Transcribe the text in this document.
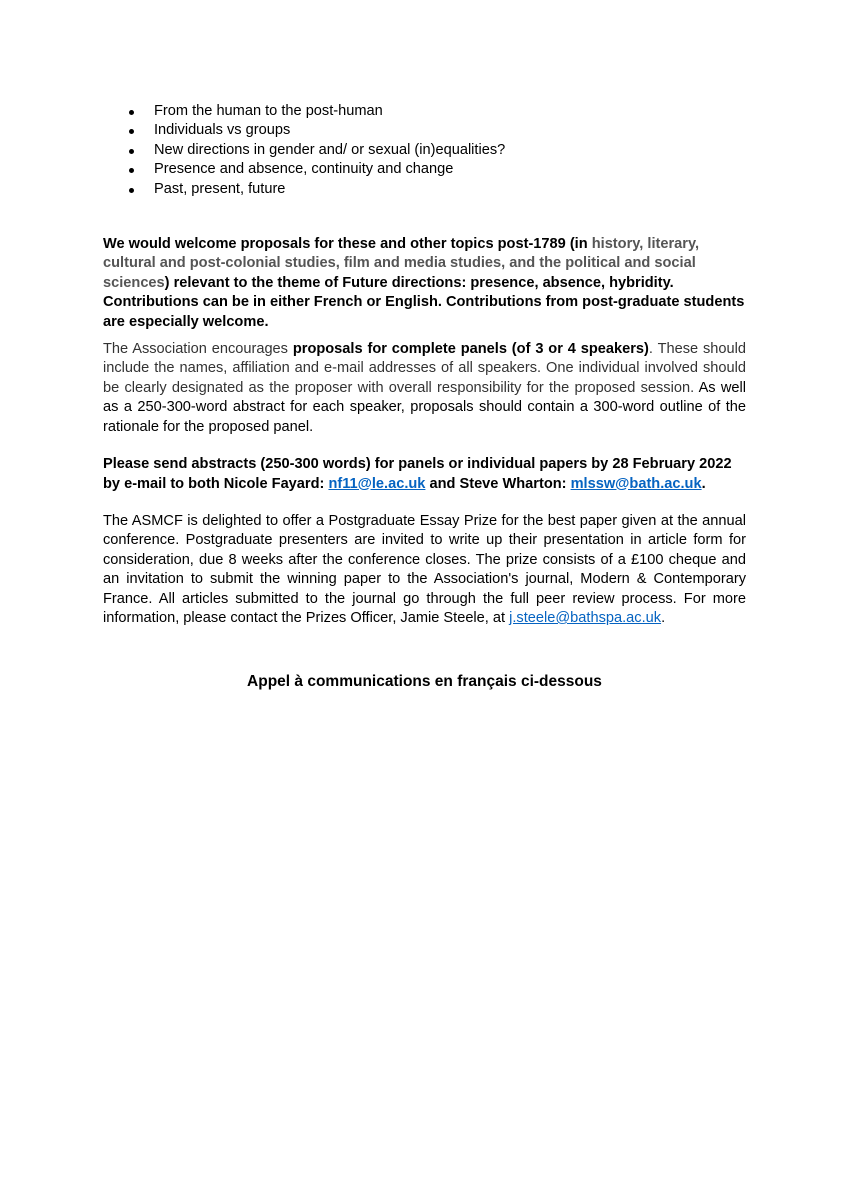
From the human to the post-human
Individuals vs groups
New directions in gender and/ or sexual (in)equalities?
Presence and absence, continuity and change
Past, present, future

We would welcome proposals for these and other topics post-1789 (in history, literary, cultural and post-colonial studies, film and media studies, and the political and social sciences) relevant to the theme of Future directions: presence, absence, hybridity. Contributions can be in either French or English. Contributions from post-graduate students are especially welcome.

The Association encourages proposals for complete panels (of 3 or 4 speakers). These should include the names, affiliation and e-mail addresses of all speakers. One individual involved should be clearly designated as the proposer with overall responsibility for the proposed session. As well as a 250-300-word abstract for each speaker, proposals should contain a 300-word outline of the rationale for the proposed panel.

Please send abstracts (250-300 words) for panels or individual papers by 28 February 2022 by e-mail to both Nicole Fayard: nf11@le.ac.uk and Steve Wharton: mlssw@bath.ac.uk.

The ASMCF is delighted to offer a Postgraduate Essay Prize for the best paper given at the annual conference. Postgraduate presenters are invited to write up their presentation in article form for consideration, due 8 weeks after the conference closes. The prize consists of a £100 cheque and an invitation to submit the winning paper to the Association's journal, Modern & Contemporary France. All articles submitted to the journal go through the full peer review process. For more information, please contact the Prizes Officer, Jamie Steele, at j.steele@bathspa.ac.uk.

Appel à communications en français ci-dessous
